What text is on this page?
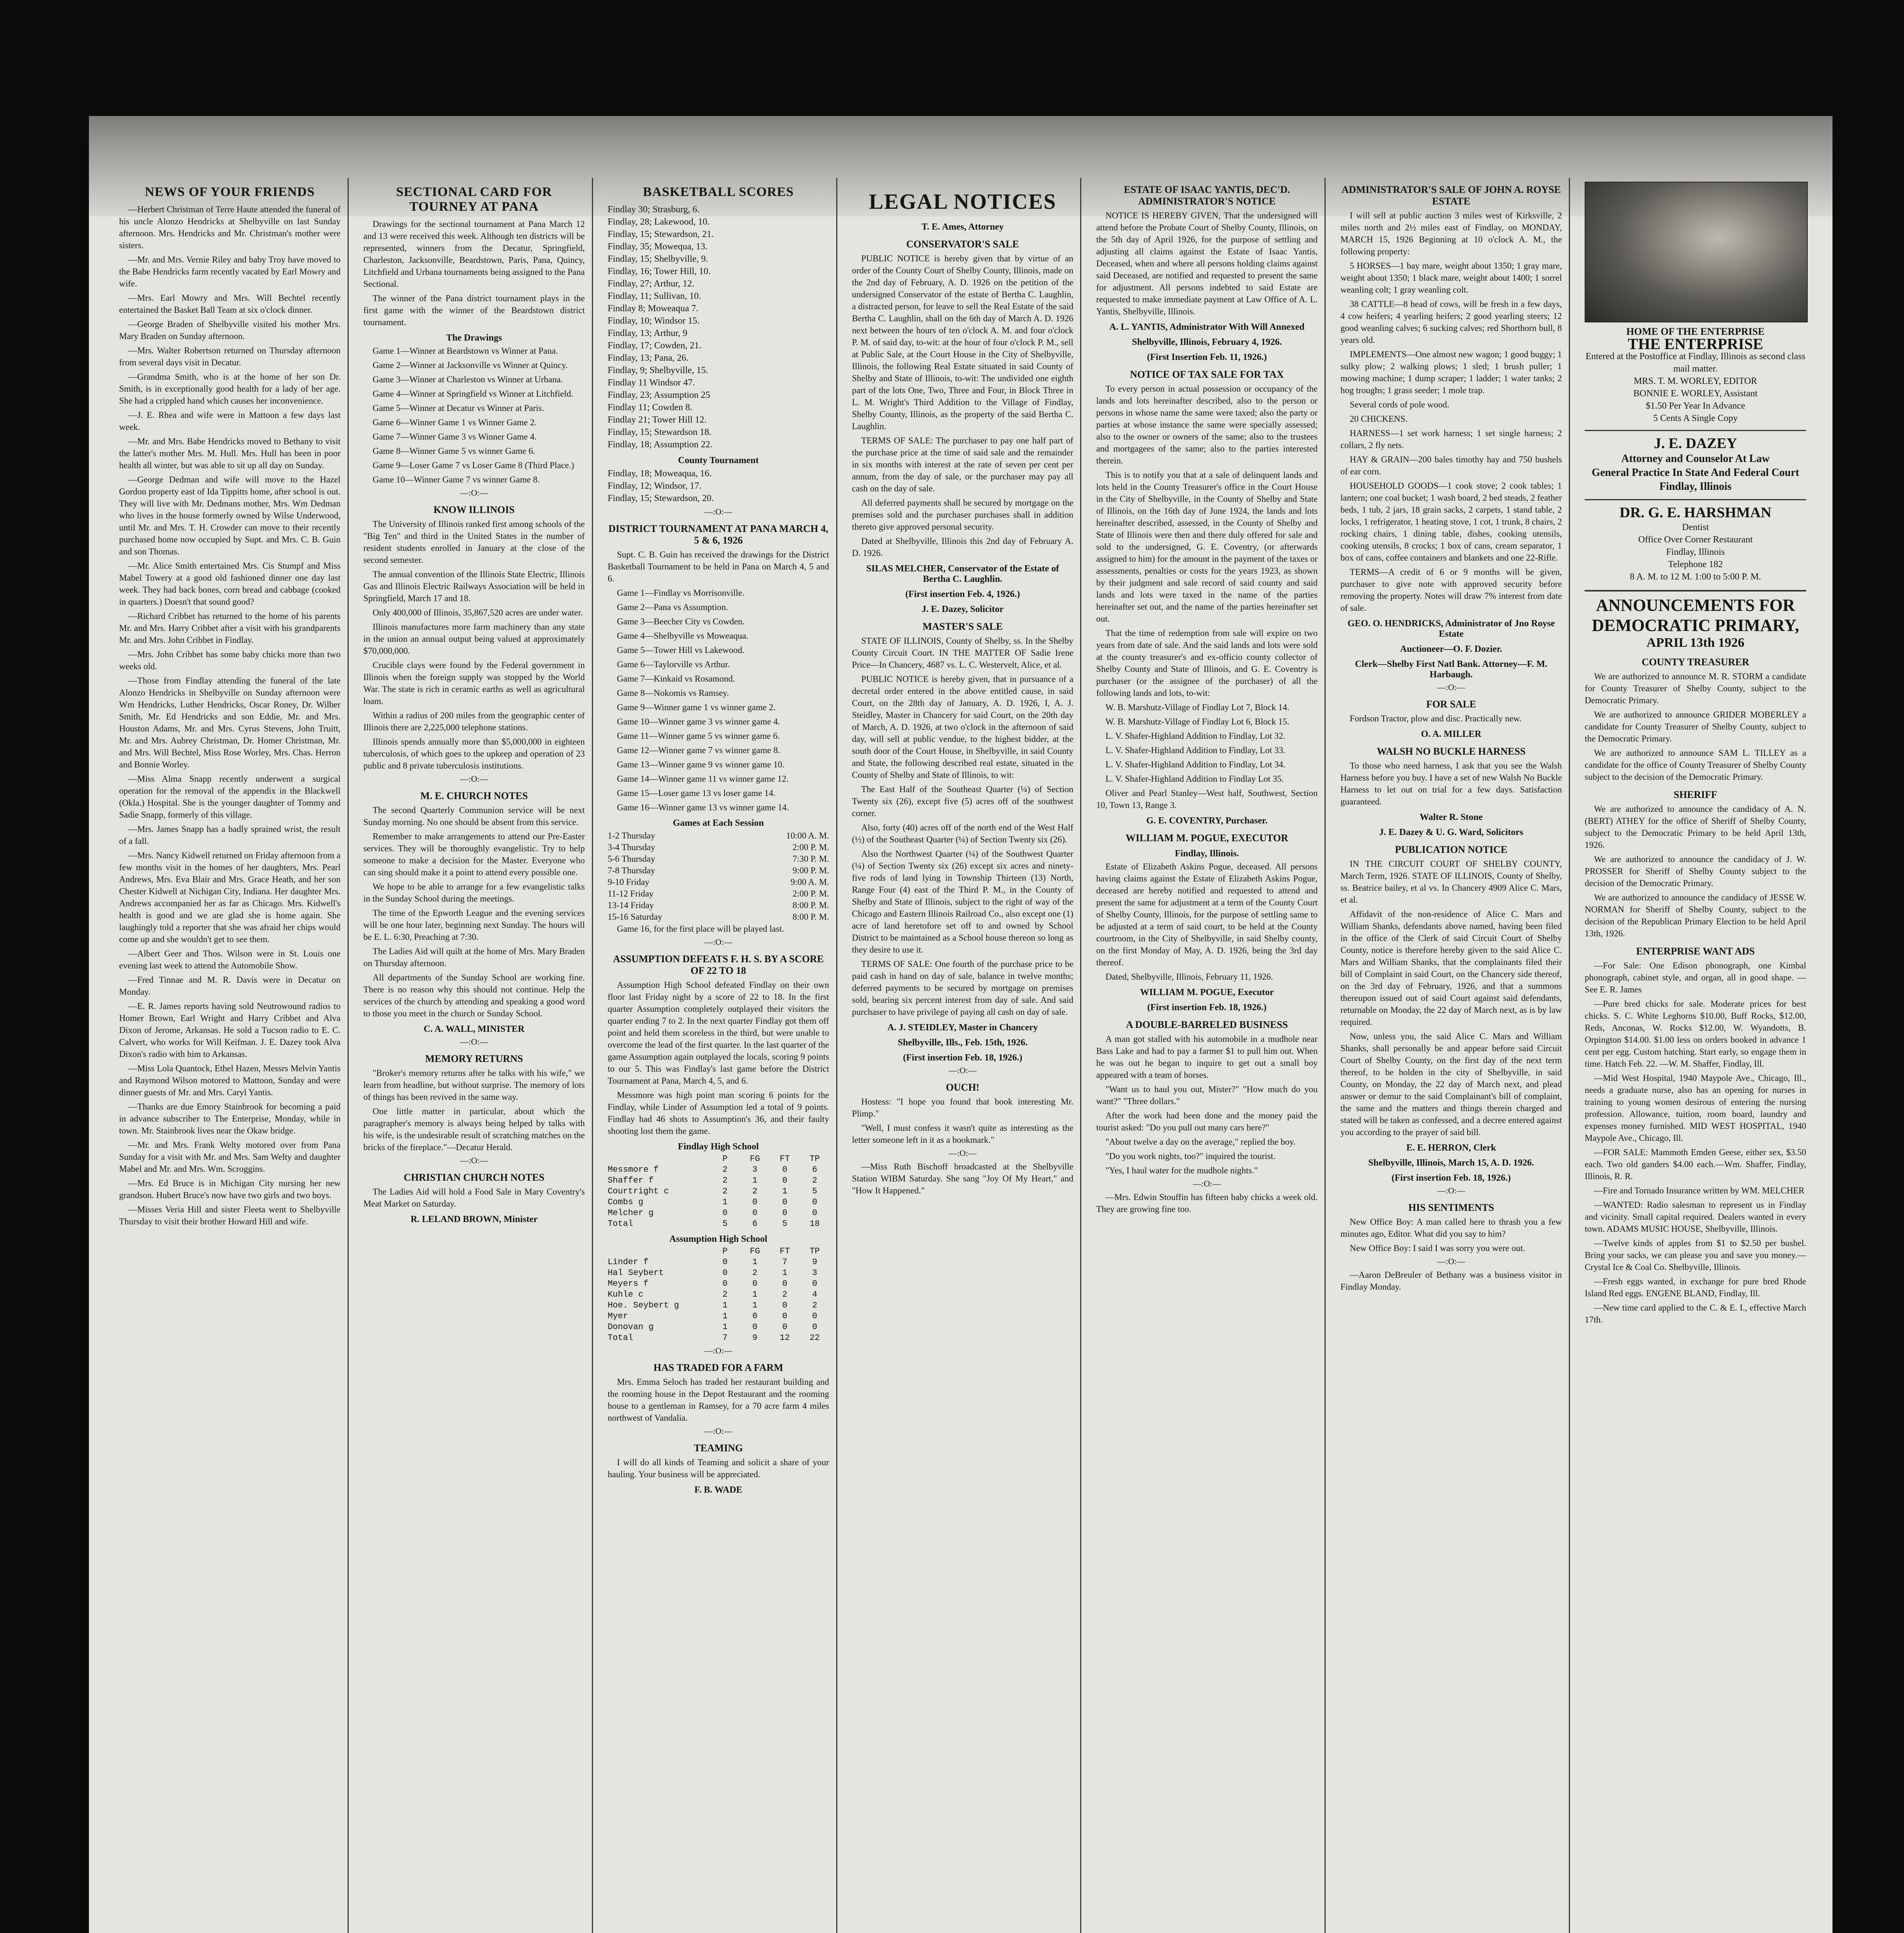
NEWS OF YOUR FRIENDS

—Herbert Christman of Terre Haute attended the funeral of his uncle Alonzo Hendricks at Shelbyville on last Sunday afternoon. Mrs. Hendricks and Mr. Christman's mother were sisters.

—Mr. and Mrs. Vernie Riley and baby Troy have moved to the Babe Hendricks farm recently vacated by Earl Mowry and wife.

—Mrs. Earl Mowry and Mrs. Will Bechtel recently entertained the Basket Ball Team at six o'clock dinner.

—George Braden of Shelbyville visited his mother Mrs. Mary Braden on Sunday afternoon.

—Mrs. Walter Robertson returned on Thursday afternoon from several days visit in Decatur.

—Grandma Smith, who is at the home of her son Dr. Smith, is in exceptionally good health for a lady of her age. She had a crippled hand which causes her inconvenience.

—J. E. Rhea and wife were in Mattoon a few days last week.

—Mr. and Mrs. Babe Hendricks moved to Bethany to visit the latter's mother Mrs. M. Hull. Mrs. Hull has been in poor health all winter, but was able to sit up all day on Sunday.

—George Dedman and wife will move to the Hazel Gordon property east of Ida Tippitts home, after school is out. They will live with Mr. Dedmans mother, Mrs. Wm Dedman who lives in the house formerly owned by Wilse Underwood, until Mr. and Mrs. T. H. Crowder can move to their recently purchased home now occupied by Supt. and Mrs. C. B. Guin and son Thomas.

—Mr. Alice Smith entertained Mrs. Cis Stumpf and Miss Mabel Towery at a good old fashioned dinner one day last week. They had back bones, corn bread and cabbage (cooked in quarters.) Doesn't that sound good?

—Richard Cribbet has returned to the home of his parents Mr. and Mrs. Harry Cribbet after a visit with his grandparents Mr. and Mrs. John Cribbet in Findlay.

—Mrs. John Cribbet has some baby chicks more than two weeks old.

—Those from Findlay attending the funeral of the late Alonzo Hendricks in Shelbyville on Sunday afternoon were Wm Hendricks, Luther Hendricks, Oscar Roney, Dr. Wilber Smith, Mr. Ed Hendricks and son Eddie, Mr. and Mrs. Houston Adams, Mr. and Mrs. Cyrus Stevens, John Truitt, Mr. and Mrs. Aubrey Christman, Dr. Homer Christman, Mr. and Mrs. Will Bechtel, Miss Rose Worley, Mrs. Chas. Herron and Bonnie Worley.

—Miss Alma Snapp recently underwent a surgical operation for the removal of the appendix in the Blackwell (Okla.) Hospital. She is the younger daughter of Tommy and Sadie Snapp, formerly of this village.

—Mrs. James Snapp has a badly sprained wrist, the result of a fall.

—Mrs. Nancy Kidwell returned on Friday afternoon from a few months visit in the homes of her daughters, Mrs. Pearl Andrews, Mrs. Eva Blair and Mrs. Grace Heath, and her son Chester Kidwell at Nichigan City, Indiana. Her daughter Mrs. Andrews accompanied her as far as Chicago. Mrs. Kidwell's health is good and we are glad she is home again. She laughingly told a reporter that she was afraid her chips would come up and she wouldn't get to see them.

—Albert Geer and Thos. Wilson were in St. Louis one evening last week to attend the Automobile Show.

—Fred Tinnae and M. R. Davis were in Decatur on Monday.

—E. R. James reports having sold Neutrowound radios to Homer Brown, Earl Wright and Harry Cribbet and Alva Dixon of Jerome, Arkansas. He sold a Tucson radio to E. C. Calvert, who works for Will Keifman. J. E. Dazey took Alva Dixon's radio with him to Arkansas.

—Miss Lola Quantock, Ethel Hazen, Messrs Melvin Yantis and Raymond Wilson motored to Mattoon, Sunday and were dinner guests of Mr. and Mrs. Caryl Yantis.

—Thanks are due Emory Stainbrook for becoming a paid in advance subscriber to The Enterprise, Monday, while in town. Mr. Stainbrook lives near the Okaw bridge.

—Mr. and Mrs. Frank Welty motored over from Pana Sunday for a visit with Mr. and Mrs. Sam Welty and daughter Mabel and Mr. and Mrs. Wm. Scroggins.

—Mrs. Ed Bruce is in Michigan City nursing her new grandson. Hubert Bruce's now have two girls and two boys.

—Misses Veria Hill and sister Fleeta went to Shelbyville Thursday to visit their brother Howard Hill and wife.

SECTIONAL CARD FOR TOURNEY AT PANA

Drawings for the sectional tournament at Pana March 12 and 13 were received this week. Although ten districts will be represented, winners from the Decatur, Springfield, Charleston, Jacksonville, Beardstown, Paris, Pana, Quincy, Litchfield and Urbana tournaments being assigned to the Pana Sectional.

The winner of the Pana district tournament plays in the first game with the winner of the Beardstown district tournament.

The Drawings

Game 1—Winner at Beardstown vs Winner at Pana.

Game 2—Winner at Jacksonville vs Winner at Quincy.

Game 3—Winner at Charleston vs Winner at Urbana.

Game 4—Winner at Springfield vs Winner at Litchfield.

Game 5—Winner at Decatur vs Winner at Paris.

Game 6—Winner Game 1 vs Winner Game 2.

Game 7—Winner Game 3 vs Winner Game 4.

Game 8—Winner Game 5 vs winner Game 6.

Game 9—Loser Game 7 vs Loser Game 8 (Third Place.)

Game 10—Winner Game 7 vs winner Game 8.

—:O:—
KNOW ILLINOIS

The University of Illinois ranked first among schools of the "Big Ten" and third in the United States in the number of resident students enrolled in January at the close of the second semester.

The annual convention of the Illinois State Electric, Illinois Gas and Illinois Electric Railways Association will be held in Springfield, March 17 and 18.

Only 400,000 of Illinois, 35,867,520 acres are under water.

Illinois manufactures more farm machinery than any state in the union an annual output being valued at approximately $70,000,000.

Crucible clays were found by the Federal government in Illinois when the foreign supply was stopped by the World War. The state is rich in ceramic earths as well as agricultural loam.

Within a radius of 200 miles from the geographic center of Illinois there are 2,225,000 telephone stations.

Illinois spends annually more than $5,000,000 in eighteen tuberculosis, of which goes to the upkeep and operation of 23 public and 8 private tuberculosis institutions.

—:O:—
M. E. CHURCH NOTES

The second Quarterly Communion service will be next Sunday morning. No one should be absent from this service.

Remember to make arrangements to attend our Pre-Easter services. They will be thoroughly evangelistic. Try to help someone to make a decision for the Master. Everyone who can sing should make it a point to attend every possible one.

We hope to be able to arrange for a few evangelistic talks in the Sunday School during the meetings.

The time of the Epworth League and the evening services will be one hour later, beginning next Sunday. The hours will be E. L. 6:30, Preaching at 7:30.

The Ladies Aid will quilt at the home of Mrs. Mary Braden on Thursday afternoon.

All departments of the Sunday School are working fine. There is no reason why this should not continue. Help the services of the church by attending and speaking a good word to those you meet in the church or Sunday School.

C. A. WALL, MINISTER
—:O:—
MEMORY RETURNS

"Broker's memory returns after he talks with his wife," we learn from headline, but without surprise. The memory of lots of things has been revived in the same way.

One little matter in particular, about which the paragrapher's memory is always being helped by talks with his wife, is the undesirable result of scratching matches on the bricks of the fireplace."—Decatur Herald.

—:O:—
CHRISTIAN CHURCH NOTES

The Ladies Aid will hold a Food Sale in Mary Coventry's Meat Market on Saturday.

R. LELAND BROWN, Minister
BASKETBALL SCORES
Findlay 30; Strasburg, 6.
Findlay, 28; Lakewood, 10.
Findlay, 15; Stewardson, 21.
Findlay, 35; Mowequa, 13.
Findlay, 15; Shelbyville, 9.
Findlay, 16; Tower Hill, 10.
Findlay, 27; Arthur, 12.
Findlay, 11; Sullivan, 10.
Findlay 8; Moweaqua 7.
Findlay, 10; Windsor 15.
Findlay, 13; Arthur, 9
Findlay, 17; Cowden, 21.
Findlay, 13; Pana, 26.
Findlay, 9; Shelbyville, 15.
Findlay 11 Windsor 47.
Findlay, 23; Assumption 25
Findlay 11; Cowden 8.
Findlay 21; Tower Hill 12.
Findlay, 15; Stewardson 18.
Findlay, 18; Assumption 22.
County Tournament
Findlay, 18; Moweaqua, 16.
Findlay, 12; Windsor, 17.
Findlay, 15; Stewardson, 20.
—:O:—
DISTRICT TOURNAMENT AT PANA MARCH 4, 5 & 6, 1926

Supt. C. B. Guin has received the drawings for the District Basketball Tournament to be held in Pana on March 4, 5 and 6.

Game 1—Findlay vs Morrisonville.

Game 2—Pana vs Assumption.

Game 3—Beecher City vs Cowden.

Game 4—Shelbyville vs Moweaqua.

Game 5—Tower Hill vs Lakewood.

Game 6—Taylorville vs Arthur.

Game 7—Kinkaid vs Rosamond.

Game 8—Nokomis vs Ramsey.

Game 9—Winner game 1 vs winner game 2.

Game 10—Winner game 3 vs winner game 4.

Game 11—Winner game 5 vs winner game 6.

Game 12—Winner game 7 vs winner game 8.

Game 13—Winner game 9 vs winner game 10.

Game 14—Winner game 11 vs winner game 12.

Game 15—Loser game 13 vs loser game 14.

Game 16—Winner game 13 vs winner game 14.

Games at Each Session
1-2 Thursday	10:00 A. M.
3-4 Thursday	2:00 P. M.
5-6 Thursday	7:30 P. M.
7-8 Thursday	9:00 P. M.
9-10 Friday	9:00 A. M.
11-12 Friday	2:00 P. M.
13-14 Friday	8:00 P. M.
15-16 Saturday	8:00 P. M.

Game 16, for the first place will be played last.

—:O:—
ASSUMPTION DEFEATS F. H. S. BY A SCORE OF 22 TO 18

Assumption High School defeated Findlay on their own floor last Friday night by a score of 22 to 18. In the first quarter Assumption completely outplayed their visitors the quarter ending 7 to 2. In the next quarter Findlay got them off point and held them scoreless in the third, but were unable to overcome the lead of the first quarter. In the last quarter of the game Assumption again outplayed the locals, scoring 9 points to our 5. This was Findlay's last game before the District Tournament at Pana, March 4, 5, and 6.

Messmore was high point man scoring 6 points for the Findlay, while Linder of Assumption led a total of 9 points. Findlay had 46 shots to Assumption's 36, and their faulty shooting lost them the game.

Findlay High School
P	FG	FT	TP
Messmore f	2	3	0	6
Shaffer f	2	1	0	2
Courtright c	2	2	1	5
Combs g	1	0	0	0
Melcher g	0	0	0	0
Total	5	6	5	18
Assumption High School
P	FG	FT	TP
Linder f	0	1	7	9
Hal Seybert	0	2	1	3
Meyers f	0	0	0	0
Kuhle c	2	1	2	4
Hoe. Seybert g	1	1	0	2
Myer	1	0	0	0
Donovan g	1	0	0	0
Total	7	9	12	22
—:O:—
HAS TRADED FOR A FARM

Mrs. Emma Seloch has traded her restaurant building and the rooming house in the Depot Restaurant and the rooming house to a gentleman in Ramsey, for a 70 acre farm 4 miles northwest of Vandalia.

—:O:—
TEAMING

I will do all kinds of Teaming and solicit a share of your hauling. Your business will be appreciated.

F. B. WADE
LEGAL NOTICES
T. E. Ames, Attorney
CONSERVATOR'S SALE

PUBLIC NOTICE is hereby given that by virtue of an order of the County Court of Shelby County, Illinois, made on the 2nd day of February, A. D. 1926 on the petition of the undersigned Conservator of the estate of Bertha C. Laughlin, a distracted person, for leave to sell the Real Estate of the said Bertha C. Laughlin, shall on the 6th day of March A. D. 1926 next between the hours of ten o'clock A. M. and four o'clock P. M. of said day, to-wit: at the hour of four o'clock P. M., sell at Public Sale, at the Court House in the City of Shelbyville, Illinois, the following Real Estate situated in said County of Shelby and State of Illinois, to-wit: The undivided one eighth part of the lots One, Two, Three and Four, in Block Three in L. M. Wright's Third Addition to the Village of Findlay, Shelby County, Illinois, as the property of the said Bertha C. Laughlin.

TERMS OF SALE: The purchaser to pay one half part of the purchase price at the time of said sale and the remainder in six months with interest at the rate of seven per cent per annum, from the day of sale, or the purchaser may pay all cash on the day of sale.

All deferred payments shall be secured by mortgage on the premises sold and the purchaser purchases shall in addition thereto give approved personal security.

Dated at Shelbyville, Illinois this 2nd day of February A. D. 1926.

SILAS MELCHER, Conservator of the Estate of Bertha C. Laughlin.
(First insertion Feb. 4, 1926.)
J. E. Dazey, Solicitor
MASTER'S SALE

STATE OF ILLINOIS, County of Shelby, ss. In the Shelby County Circuit Court. IN THE MATTER OF Sadie Irene Price—In Chancery, 4687 vs. L. C. Westervelt, Alice, et al.

PUBLIC NOTICE is hereby given, that in pursuance of a decretal order entered in the above entitled cause, in said Court, on the 28th day of January, A. D. 1926, I, A. J. Steidley, Master in Chancery for said Court, on the 20th day of March, A. D. 1926, at two o'clock in the afternoon of said day, will sell at public vendue, to the highest bidder, at the south door of the Court House, in Shelbyville, in said County and State, the following described real estate, situated in the County of Shelby and State of Illinois, to wit:

The East Half of the Southeast Quarter (¼) of Section Twenty six (26), except five (5) acres off of the southwest corner.

Also, forty (40) acres off of the north end of the West Half (½) of the Southeast Quarter (¼) of Section Twenty six (26).

Also the Northwest Quarter (¼) of the Southwest Quarter (¼) of Section Twenty six (26) except six acres and ninety-five rods of land lying in Township Thirteen (13) North, Range Four (4) east of the Third P. M., in the County of Shelby and State of Illinois, subject to the right of way of the Chicago and Eastern Illinois Railroad Co., also except one (1) acre of land heretofore set off to and owned by School District to be maintained as a School house thereon so long as they desire to use it.

TERMS OF SALE: One fourth of the purchase price to be paid cash in hand on day of sale, balance in twelve months; deferred payments to be secured by mortgage on premises sold, bearing six percent interest from day of sale. And said purchaser to have privilege of paying all cash on day of sale.

A. J. STEIDLEY, Master in Chancery
Shelbyville, Ills., Feb. 15th, 1926.
(First insertion Feb. 18, 1926.)
—:O:—
OUCH!

Hostess: "I hope you found that book interesting Mr. Plimp."

"Well, I must confess it wasn't quite as interesting as the letter someone left in it as a bookmark."

—:O:—

—Miss Ruth Bischoff broadcasted at the Shelbyville Station WIBM Saturday. She sang "Joy Of My Heart," and "How It Happened."

ESTATE OF ISAAC YANTIS, DEC'D. ADMINISTRATOR'S NOTICE

NOTICE IS HEREBY GIVEN, That the undersigned will attend before the Probate Court of Shelby County, Illinois, on the 5th day of April 1926, for the purpose of settling and adjusting all claims against the Estate of Isaac Yantis, Deceased, when and where all persons holding claims against said Deceased, are notified and requested to present the same for adjustment. All persons indebted to said Estate are requested to make immediate payment at Law Office of A. L. Yantis, Shelbyville, Illinois.

A. L. YANTIS, Administrator With Will Annexed
Shelbyville, Illinois, February 4, 1926.
(First Insertion Feb. 11, 1926.)
NOTICE OF TAX SALE FOR TAX

To every person in actual possession or occupancy of the lands and lots hereinafter described, also to the person or persons in whose name the same were taxed; also the party or parties at whose instance the same were specially assessed; also to the owner or owners of the same; also to the trustees and mortgagees of the same; also to the parties interested therein.

This is to notify you that at a sale of delinquent lands and lots held in the County Treasurer's office in the Court House in the City of Shelbyville, in the County of Shelby and State of Illinois, on the 16th day of June 1924, the lands and lots hereinafter described, assessed, in the County of Shelby and State of Illinois were then and there duly offered for sale and sold to the undersigned, G. E. Coventry, (or afterwards assigned to him) for the amount in the payment of the taxes or assessments, penalties or costs for the years 1923, as shown by their judgment and sale record of said county and said lands and lots were taxed in the name of the parties hereinafter set out, and the name of the parties hereinafter set out.

That the time of redemption from sale will expire on two years from date of sale. And the said lands and lots were sold at the county treasurer's and ex-officio county collector of Shelby County and State of Illinois, and G. E. Coventry is purchaser (or the assignee of the purchaser) of all the following lands and lots, to-wit:

W. B. Marshutz-Village of Findlay Lot 7, Block 14.

W. B. Marshutz-Village of Findlay Lot 6, Block 15.

L. V. Shafer-Highland Addition to Findlay, Lot 32.

L. V. Shafer-Highland Addition to Findlay, Lot 33.

L. V. Shafer-Highland Addition to Findlay, Lot 34.

L. V. Shafer-Highland Addition to Findlay Lot 35.

Oliver and Pearl Stanley—West half, Southwest, Section 10, Town 13, Range 3.

G. E. COVENTRY, Purchaser.
WILLIAM M. POGUE, EXECUTOR
Findlay, Illinois.

Estate of Elizabeth Askins Pogue, deceased. All persons having claims against the Estate of Elizabeth Askins Pogue, deceased are hereby notified and requested to attend and present the same for adjustment at a term of the County Court of Shelby County, Illinois, for the purpose of settling same to be adjusted at a term of said court, to be held at the County courtroom, in the City of Shelbyville, in said Shelby county, on the first Monday of May, A. D. 1926, being the 3rd day thereof.

Dated, Shelbyville, Illinois, February 11, 1926.

WILLIAM M. POGUE, Executor
(First insertion Feb. 18, 1926.)
A DOUBLE-BARRELED BUSINESS

A man got stalled with his automobile in a mudhole near Bass Lake and had to pay a farmer $1 to pull him out. When he was out he began to inquire to get out a small boy appeared with a team of horses.

"Want us to haul you out, Mister?" "How much do you want?" "Three dollars."

After the work had been done and the money paid the tourist asked: "Do you pull out many cars here?"

"About twelve a day on the average," replied the boy.

"Do you work nights, too?" inquired the tourist.

"Yes, I haul water for the mudhole nights."

—:O:—

—Mrs. Edwin Stouffin has fifteen baby chicks a week old. They are growing fine too.

ADMINISTRATOR'S SALE OF JOHN A. ROYSE ESTATE

I will sell at public auction 3 miles west of Kirksville, 2 miles north and 2½ miles east of Findlay, on MONDAY, MARCH 15, 1926 Beginning at 10 o'clock A. M., the following property:

5 HORSES—1 bay mare, weight about 1350; 1 gray mare, weight about 1350; 1 black mare, weight about 1400; 1 sorrel weanling colt; 1 gray weanling colt.

38 CATTLE—8 head of cows, will be fresh in a few days, 4 cow heifers; 4 yearling heifers; 2 good yearling steers; 12 good weanling calves; 6 sucking calves; red Shorthorn bull, 8 years old.

IMPLEMENTS—One almost new wagon; 1 good buggy; 1 sulky plow; 2 walking plows; 1 sled; 1 brush puller; 1 mowing machine; 1 dump scraper; 1 ladder; 1 water tanks; 2 hog troughs; 1 grass seeder; 1 mole trap.

Several cords of pole wood.

20 CHICKENS.

HARNESS—1 set work harness; 1 set single harness; 2 collars, 2 fly nets.

HAY & GRAIN—200 bales timothy hay and 750 bushels of ear corn.

HOUSEHOLD GOODS—1 cook stove; 2 cook tables; 1 lantern; one coal bucket; 1 wash board, 2 bed steads, 2 feather beds, 1 tub, 2 jars, 18 grain sacks, 2 carpets, 1 stand table, 2 locks, 1 refrigerator, 1 heating stove, 1 cot, 1 trunk, 8 chairs, 2 rocking chairs, 1 dining table, dishes, cooking utensils, cooking utensils, 8 crocks; 1 box of cans, cream separator, 1 box of cans, coffee containers and blankets and one 22-Rifle.

TERMS—A credit of 6 or 9 months will be given, purchaser to give note with approved security before removing the property. Notes will draw 7% interest from date of sale.

GEO. O. HENDRICKS, Administrator of Jno Royse Estate
Auctioneer—O. F. Dozier.
Clerk—Shelby First Natl Bank. Attorney—F. M. Harbaugh.
—:O:—
FOR SALE

Fordson Tractor, plow and disc. Practically new.

O. A. MILLER
WALSH NO BUCKLE HARNESS

To those who need harness, I ask that you see the Walsh Harness before you buy. I have a set of new Walsh No Buckle Harness to let out on trial for a few days. Satisfaction guaranteed.

Walter R. Stone
J. E. Dazey & U. G. Ward, Solicitors
PUBLICATION NOTICE

IN THE CIRCUIT COURT OF SHELBY COUNTY, March Term, 1926. STATE OF ILLINOIS, County of Shelby, ss. Beatrice bailey, et al vs. In Chancery 4909 Alice C. Mars, et al.

Affidavit of the non-residence of Alice C. Mars and William Shanks, defendants above named, having been filed in the office of the Clerk of said Circuit Court of Shelby County, notice is therefore hereby given to the said Alice C. Mars and William Shanks, that the complainants filed their bill of Complaint in said Court, on the Chancery side thereof, on the 3rd day of February, 1926, and that a summons thereupon issued out of said Court against said defendants, returnable on Monday, the 22 day of March next, as is by law required.

Now, unless you, the said Alice C. Mars and William Shanks, shall personally be and appear before said Circuit Court of Shelby County, on the first day of the next term thereof, to be holden in the city of Shelbyville, in said County, on Monday, the 22 day of March next, and plead answer or demur to the said Complainant's bill of complaint, the same and the matters and things therein charged and stated will be taken as confessed, and a decree entered against you according to the prayer of said bill.

E. E. HERRON, Clerk
Shelbyville, Illinois, March 15, A. D. 1926.
(First insertion Feb. 18, 1926.)
—:O:—
HIS SENTIMENTS

New Office Boy: A man called here to thrash you a few minutes ago, Editor. What did you say to him?

New Office Boy: I said I was sorry you were out.

—:O:—

—Aaron DeBreuler of Bethany was a business visitor in Findlay Monday.

HOME OF THE ENTERPRISE
THE ENTERPRISE
Entered at the Postoffice at Findlay, Illinois as second class mail matter.
MRS. T. M. WORLEY, EDITOR
BONNIE E. WORLEY, Assistant
$1.50 Per Year In Advance
5 Cents A Single Copy
J. E. DAZEY
Attorney and Counselor At Law
General Practice In State And Federal Court
Findlay, Illinois
DR. G. E. HARSHMAN
Dentist
Office Over Corner Restaurant
Findlay, Illinois
Telephone 182
8 A. M. to 12 M. 1:00 to 5:00 P. M.
ANNOUNCEMENTS FOR DEMOCRATIC PRIMARY,
APRIL 13th 1926
COUNTY TREASURER

We are authorized to announce M. R. STORM a candidate for County Treasurer of Shelby County, subject to the Democratic Primary.

We are authorized to announce GRIDER MOBERLEY a candidate for County Treasurer of Shelby County, subject to the Democratic Primary.

We are authorized to announce SAM L. TILLEY as a candidate for the office of County Treasurer of Shelby County subject to the decision of the Democratic Primary.

SHERIFF

We are authorized to announce the candidacy of A. N. (BERT) ATHEY for the office of Sheriff of Shelby County, subject to the Democratic Primary to be held April 13th, 1926.

We are authorized to announce the candidacy of J. W. PROSSER for Sheriff of Shelby County subject to the decision of the Democratic Primary.

We are authorized to announce the candidacy of JESSE W. NORMAN for Sheriff of Shelby County, subject to the decision of the Republican Primary Election to be held April 13th, 1926.

ENTERPRISE WANT ADS

—For Sale: One Edison phonograph, one Kimbal phonograph, cabinet style, and organ, all in good shape. —See E. R. James

—Pure bred chicks for sale. Moderate prices for best chicks. S. C. White Leghorns $10.00, Buff Rocks, $12.00, Reds, Anconas, W. Rocks $12.00, W. Wyandotts, B. Orpington $14.00. $1.00 less on orders booked in advance 1 cent per egg. Custom hatching. Start early, so engage them in time. Hatch Feb. 22. —W. M. Shaffer, Findlay, Ill.

—Mid West Hospital, 1940 Maypole Ave., Chicago, Ill., needs a graduate nurse, also has an opening for nurses in training to young women desirous of entering the nursing profession. Allowance, tuition, room board, laundry and expenses money furnished. MID WEST HOSPITAL, 1940 Maypole Ave., Chicago, Ill.

—FOR SALE: Mammoth Emden Geese, either sex, $3.50 each. Two old ganders $4.00 each.—Wm. Shaffer, Findlay, Illinois, R. R.

—Fire and Tornado Insurance written by WM. MELCHER

—WANTED: Radio salesman to represent us in Findlay and vicinity. Small capital required. Dealers wanted in every town. ADAMS MUSIC HOUSE, Shelbyville, Illinois.

—Twelve kinds of apples from $1 to $2.50 per bushel. Bring your sacks, we can please you and save you money.—Crystal Ice & Coal Co. Shelbyville, Illinois.

—Fresh eggs wanted, in exchange for pure bred Rhode Island Red eggs. ENGENE BLAND, Findlay, Ill.

—New time card applied to the C. & E. I., effective March 17th.
